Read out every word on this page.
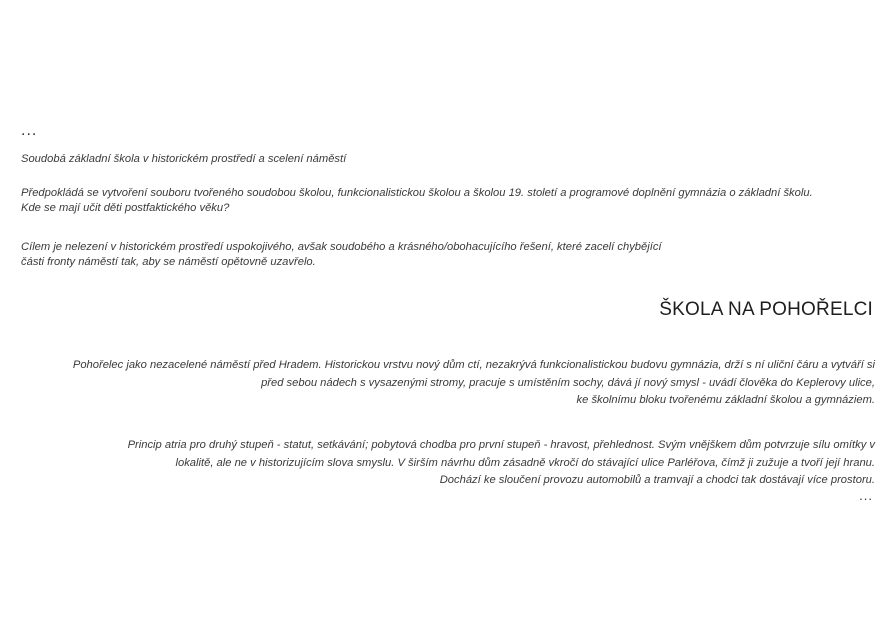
...

Soudobá základní škola v historickém prostředí a scelení náměstí

Předpokládá se vytvoření souboru tvořeného soudobou školou, funkcionalistickou školou a školou 19. století a programové doplnění gymnázia o základní školu.

Kde se mají učit děti postfaktického věku?

Cílem je nelezení v historickém prostředí uspokojivého, avšak soudobého a krásného/obohacujícího řešení, které zacelí chybějící

části fronty náměstí tak, aby se náměstí opětovně uzavřelo.

ŠKOLA NA POHOŘELCI

Pohořelec jako nezacelené náměstí před Hradem. Historickou vrstvu nový dům ctí, nezakrývá funkcionalistickou budovu gymnázia, drží s ní uliční čáru a vytváří si

před sebou nádech s vysazenými stromy, pracuje s umístěním sochy, dává jí nový smysl - uvádí člověka do Keplerovy ulice,

ke školnímu bloku tvořenému základní školou a gymnáziem.

Princip atria pro druhý stupeň - statut, setkávání; pobytová chodba pro první stupeň - hravost, přehlednost. Svým vnějškem dům potvrzuje sílu omítky v

lokalitě, ale ne v historizujícím slova smyslu. V širším návrhu dům zásadně vkročí do stávající ulice Parléřova, čímž ji zužuje a tvoří její hranu.

Dochází ke sloučení provozu automobilů a tramvají a chodci tak dostávají více prostoru.

...
